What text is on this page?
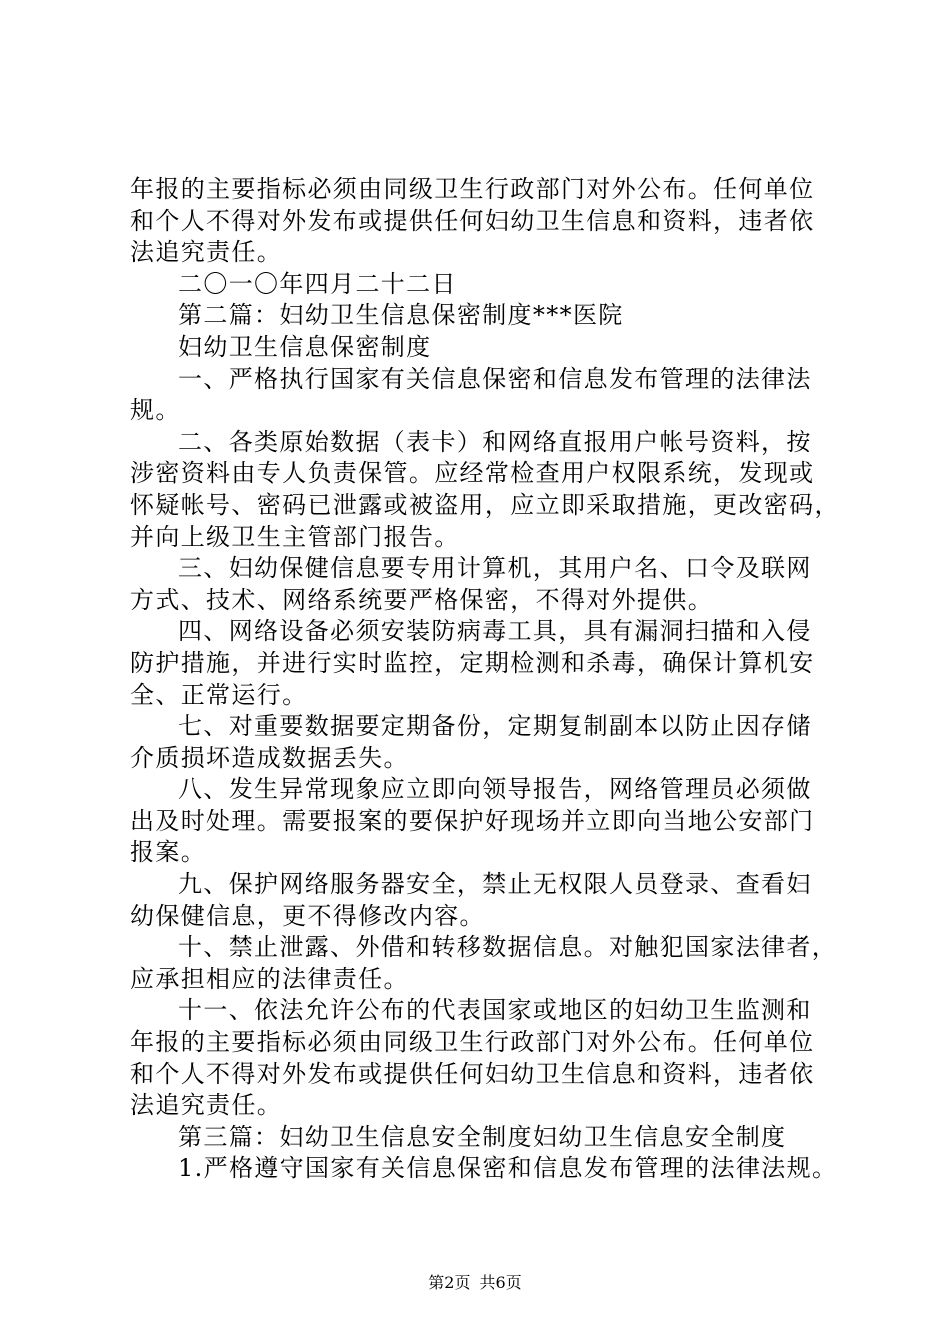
年报的主要指标必须由同级卫生行政部门对外公布。任何单位
和个人不得对外发布或提供任何妇幼卫生信息和资料，违者依
法追究责任。
二〇一〇年四月二十二日
第二篇：妇幼卫生信息保密制度***医院
妇幼卫生信息保密制度
一、严格执行国家有关信息保密和信息发布管理的法律法
规。
二、各类原始数据（表卡）和网络直报用户帐号资料，按
涉密资料由专人负责保管。应经常检查用户权限系统，发现或
怀疑帐号、密码已泄露或被盗用，应立即采取措施，更改密码，
并向上级卫生主管部门报告。
三、妇幼保健信息要专用计算机，其用户名、口令及联网
方式、技术、网络系统要严格保密，不得对外提供。
四、网络设备必须安装防病毒工具，具有漏洞扫描和入侵
防护措施，并进行实时监控，定期检测和杀毒，确保计算机安
全、正常运行。
七、对重要数据要定期备份，定期复制副本以防止因存储
介质损坏造成数据丢失。
八、发生异常现象应立即向领导报告，网络管理员必须做
出及时处理。需要报案的要保护好现场并立即向当地公安部门
报案。
九、保护网络服务器安全，禁止无权限人员登录、查看妇
幼保健信息，更不得修改内容。
十、禁止泄露、外借和转移数据信息。对触犯国家法律者，
应承担相应的法律责任。
十一、依法允许公布的代表国家或地区的妇幼卫生监测和
年报的主要指标必须由同级卫生行政部门对外公布。任何单位
和个人不得对外发布或提供任何妇幼卫生信息和资料，违者依
法追究责任。
第三篇：妇幼卫生信息安全制度妇幼卫生信息安全制度
1.严格遵守国家有关信息保密和信息发布管理的法律法规。
第2页 共6页
